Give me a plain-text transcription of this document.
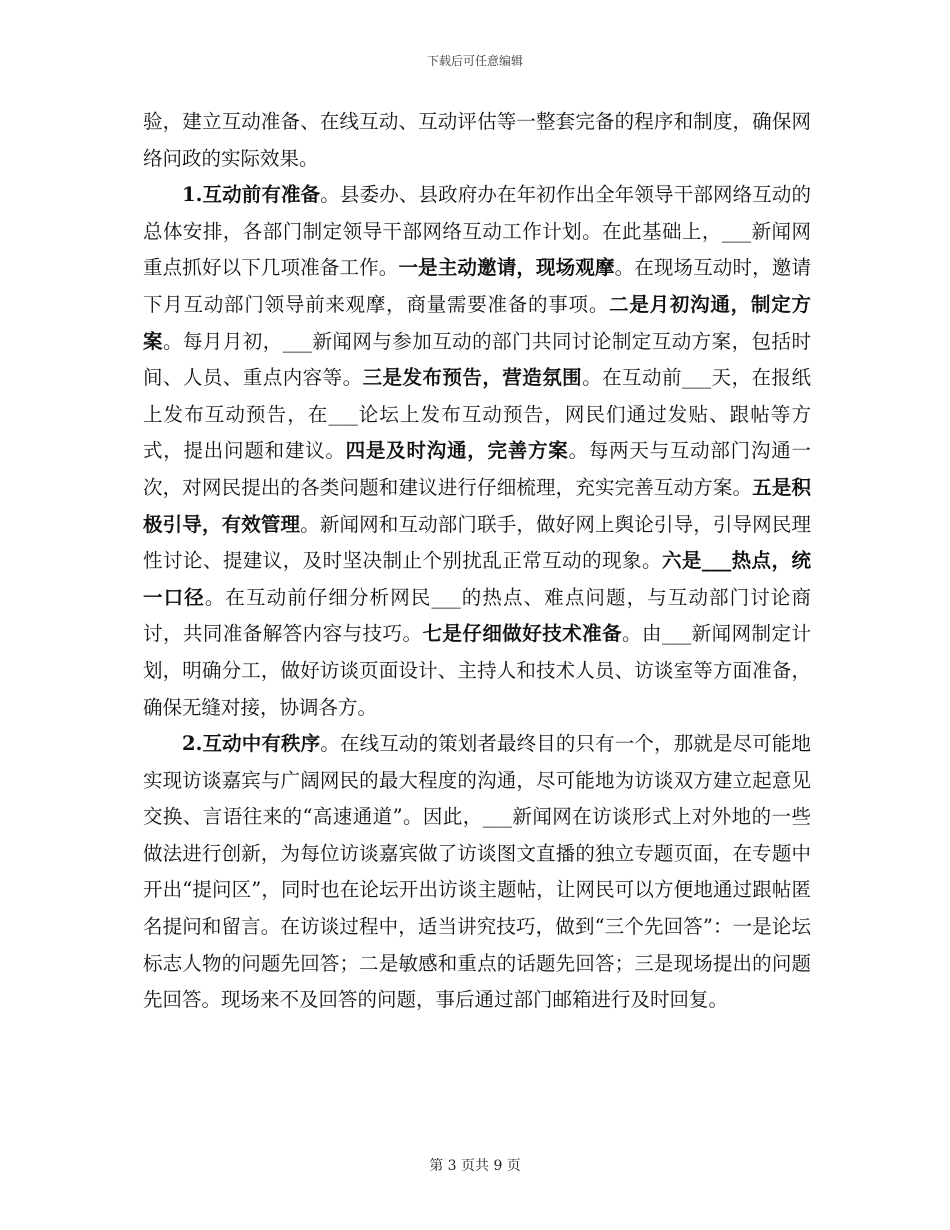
下载后可任意编辑

验，建立互动准备、在线互动、互动评估等一整套完备的程序和制度，确保网络问政的实际效果。

1.互动前有准备。县委办、县政府办在年初作出全年领导干部网络互动的总体安排，各部门制定领导干部网络互动工作计划。在此基础上，___新闻网重点抓好以下几项准备工作。一是主动邀请，现场观摩。在现场互动时，邀请下月互动部门领导前来观摩，商量需要准备的事项。二是月初沟通，制定方案。每月月初，___新闻网与参加互动的部门共同讨论制定互动方案，包括时间、人员、重点内容等。三是发布预告，营造氛围。在互动前___天，在报纸上发布互动预告，在___论坛上发布互动预告，网民们通过发贴、跟帖等方式，提出问题和建议。四是及时沟通，完善方案。每两天与互动部门沟通一次，对网民提出的各类问题和建议进行仔细梳理，充实完善互动方案。五是积极引导，有效管理。新闻网和互动部门联手，做好网上舆论引导，引导网民理性讨论、提建议，及时坚决制止个别扰乱正常互动的现象。六是___热点，统一口径。在互动前仔细分析网民___的热点、难点问题，与互动部门讨论商讨，共同准备解答内容与技巧。七是仔细做好技术准备。由___新闻网制定计划，明确分工，做好访谈页面设计、主持人和技术人员、访谈室等方面准备，确保无缝对接，协调各方。

2.互动中有秩序。在线互动的策划者最终目的只有一个，那就是尽可能地实现访谈嘉宾与广阔网民的最大程度的沟通，尽可能地为访谈双方建立起意见交换、言语往来的“高速通道”。因此，___新闻网在访谈形式上对外地的一些做法进行创新，为每位访谈嘉宾做了访谈图文直播的独立专题页面，在专题中开出“提问区”，同时也在论坛开出访谈主题帖，让网民可以方便地通过跟帖匿名提问和留言。在访谈过程中，适当讲究技巧，做到“三个先回答”：一是论坛标志人物的问题先回答；二是敏感和重点的话题先回答；三是现场提出的问题先回答。现场来不及回答的问题，事后通过部门邮箱进行及时回复。

第 3 页共 9 页
